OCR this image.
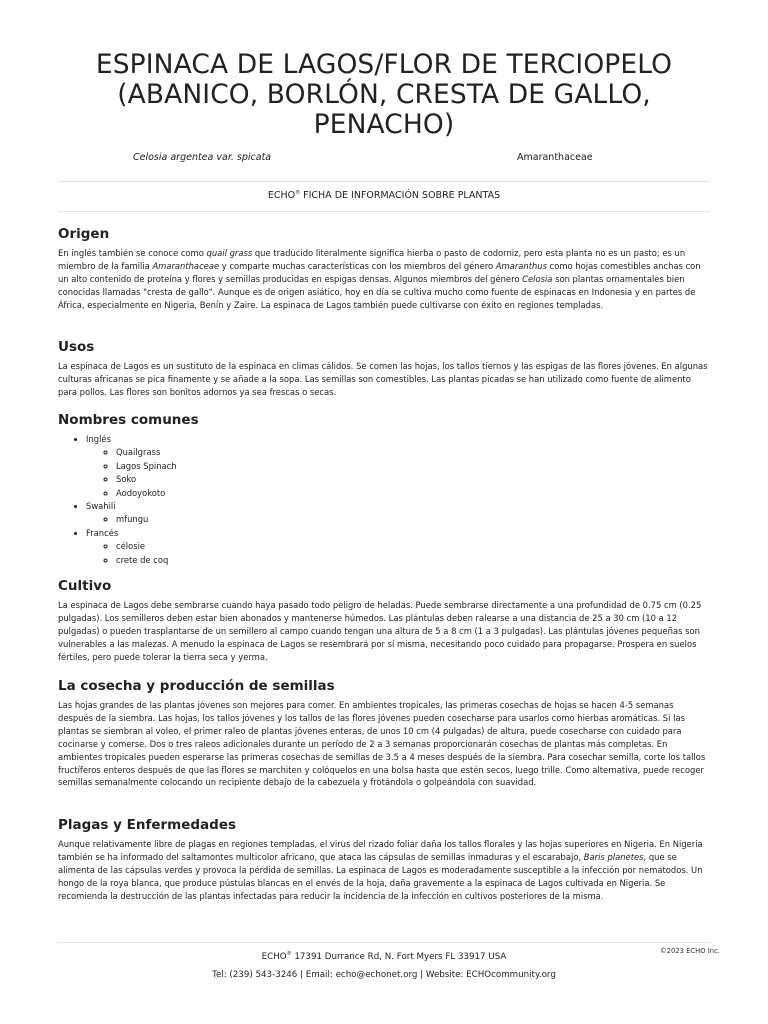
ESPINACA DE LAGOS/FLOR DE TERCIOPELO (ABANICO, BORLÓN, CRESTA DE GALLO, PENACHO)
Celosia argentea var. spicata	Amaranthaceae
ECHO® FICHA DE INFORMACIÓN SOBRE PLANTAS
Origen

En inglés también se conoce como quail grass que traducido literalmente significa hierba o pasto de codorniz, pero esta planta no es un pasto; es un miembro de la familia Amaranthaceae y comparte muchas características con los miembros del género Amaranthus como hojas comestibles anchas con un alto contenido de proteína y flores y semillas producidas en espigas densas. Algunos miembros del género Celosia son plantas ornamentales bien conocidas llamadas "cresta de gallo". Aunque es de origen asiático, hoy en día se cultiva mucho como fuente de espinacas en Indonesia y en partes de África, especialmente en Nigeria, Benín y Zaire. La espinaca de Lagos también puede cultivarse con éxito en regiones templadas.

Usos

La espinaca de Lagos es un sustituto de la espinaca en climas cálidos. Se comen las hojas, los tallos tiernos y las espigas de las flores jóvenes. En algunas culturas africanas se pica finamente y se añade a la sopa. Las semillas son comestibles. Las plantas picadas se han utilizado como fuente de alimento para pollos. Las flores son bonitos adornos ya sea frescas o secas.

Nombres comunes
• Inglés
◦ Quailgrass
◦ Lagos Spinach
◦ Soko
◦ Aodoyokoto
• Swahili
◦ mfungu
• Francés
◦ célosie
◦ crete de coq
Cultivo

La espinaca de Lagos debe sembrarse cuando haya pasado todo peligro de heladas. Puede sembrarse directamente a una profundidad de 0.75 cm (0.25 pulgadas). Los semilleros deben estar bien abonados y mantenerse húmedos. Las plántulas deben ralearse a una distancia de 25 a 30 cm (10 a 12 pulgadas) o pueden trasplantarse de un semillero al campo cuando tengan una altura de 5 a 8 cm (1 a 3 pulgadas). Las plántulas jóvenes pequeñas son vulnerables a las malezas. A menudo la espinaca de Lagos se resembrará por sí misma, necesitando poco cuidado para propagarse. Prospera en suelos fértiles, pero puede tolerar la tierra seca y yerma.

La cosecha y producción de semillas

Las hojas grandes de las plantas jóvenes son mejores para comer. En ambientes tropicales, las primeras cosechas de hojas se hacen 4-5 semanas después de la siembra. Las hojas, los tallos jóvenes y los tallos de las flores jóvenes pueden cosecharse para usarlos como hierbas aromáticas. Si las plantas se siembran al voleo, el primer raleo de plantas jóvenes enteras, de unos 10 cm (4 pulgadas) de altura, puede cosecharse con cuidado para cocinarse y comerse. Dos o tres raleos adicionales durante un período de 2 a 3 semanas proporcionarán cosechas de plantas más completas. En ambientes tropicales pueden esperarse las primeras cosechas de semillas de 3.5 a 4 meses después de la siembra. Para cosechar semilla, corte los tallos fructíferos enteros después de que las flores se marchiten y colóquelos en una bolsa hasta que estén secos, luego trille. Como alternativa, puede recoger semillas semanalmente colocando un recipiente debajo de la cabezuela y frotándola o golpeándola con suavidad.

Plagas y Enfermedades

Aunque relativamente libre de plagas en regiones templadas, el virus del rizado foliar daña los tallos florales y las hojas superiores en Nigeria. En Nigeria también se ha informado del saltamontes multicolor africano, que ataca las cápsulas de semillas inmaduras y el escarabajo, Baris planetes, que se alimenta de las cápsulas verdes y provoca la pérdida de semillas. La espinaca de Lagos es moderadamente susceptible a la infección por nematodos. Un hongo de la roya blanca, que produce pústulas blancas en el envés de la hoja, daña gravemente a la espinaca de Lagos cultivada en Nigeria. Se recomienda la destrucción de las plantas infectadas para reducir la incidencia de la infección en cultivos posteriores de la misma.

©2023 ECHO Inc.
ECHO® 17391 Durrance Rd, N. Fort Myers FL 33917 USA
Tel: (239) 543-3246 | Email: echo@echonet.org | Website: ECHOcommunity.org
